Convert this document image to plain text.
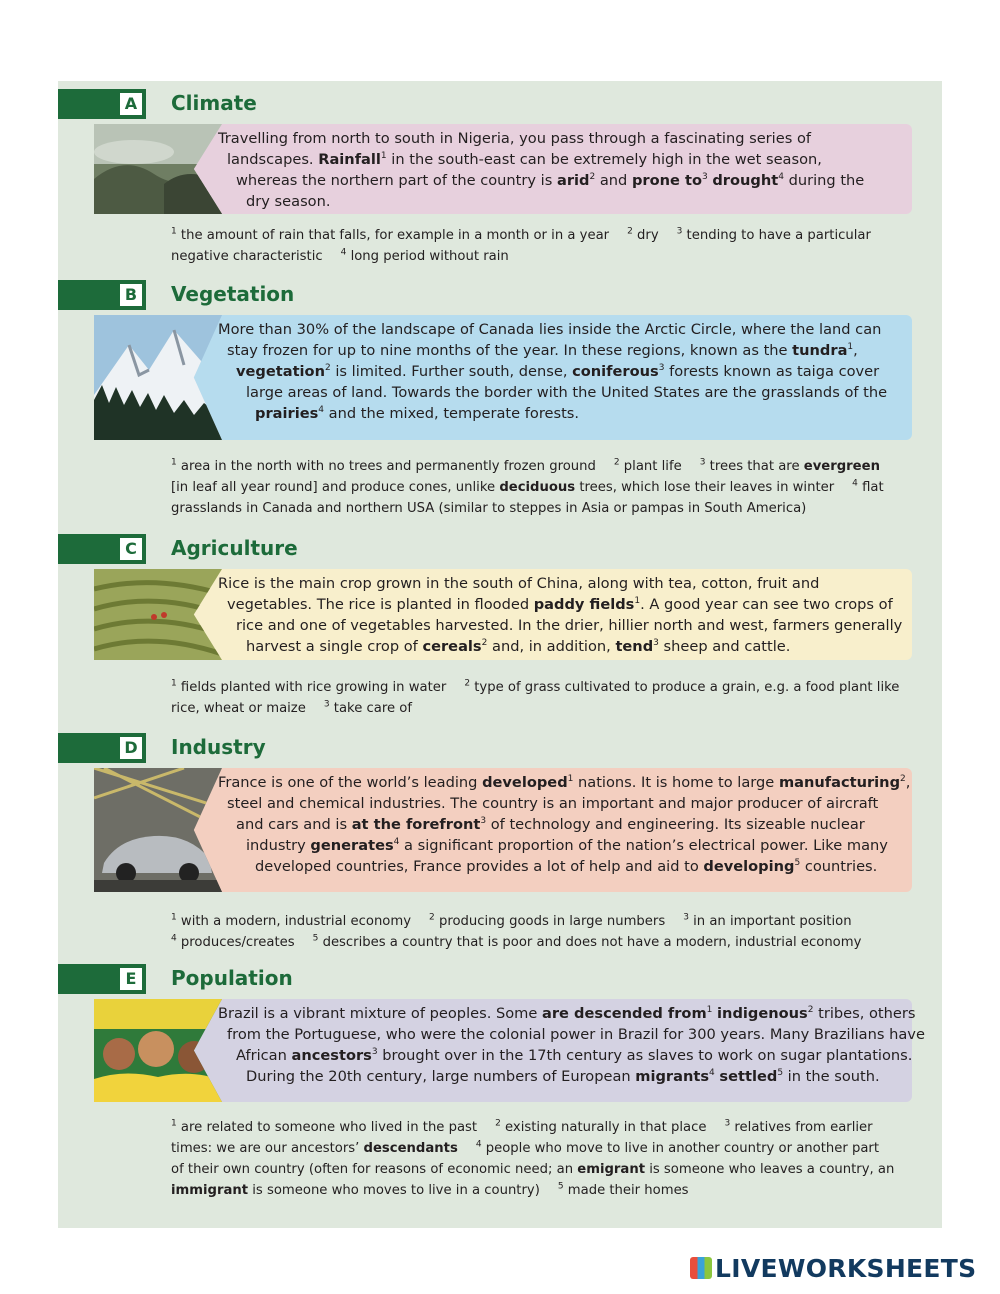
A Climate
Travelling from north to south in Nigeria, you pass through a fascinating series of
landscapes. Rainfall$^1$ in the south-east can be extremely high in the wet season,
whereas the northern part of the country is arid$^2$ and prone $to^3$ drought$^4$ during the
dry season.
$^1$ the amount of rain that falls, for example in a month or in a year $^2$ dry $^3$ tending to have a particular
negative characteristic $^4$ long period without rain
B Vegetation
More than 30% of the landscape of Canada lies inside the Arctic Circle, where the land can
stay frozen for up to nine months of the year. In these regions, known as the tundra$^1$,
vegetation$^2$ is limited. Further south, dense, coniferous$^3$ forests known as taiga cover
large areas of land. Towards the border with the United States are the grasslands of the
prairies$^4$ and the mixed, temperate forests.
$^1$ area in the north with no trees and permanently frozen ground $^2$ plant life $^3$ trees that are evergreen
[in leaf all year round] and produce cones, unlike deciduous trees, which lose their leaves in winter $^4$ flat
grasslands in Canada and northern USA (similar to steppes in Asia or pampas in South America)
C Agriculture
Rice is the main crop grown in the south of China, along with tea, cotton, fruit and
vegetables. The rice is planted in flooded paddy fields$^1$. A good year can see two crops of
rice and one of vegetables harvested. In the drier, hillier north and west, farmers generally
harvest a single crop of cereals$^2$ and, in addition, tend$^3$ sheep and cattle.
$^1$ fields planted with rice growing in water $^2$ type of grass cultivated to produce a grain, e.g. a food plant like
rice, wheat or maize $^3$ take care of
D Industry
France is one of the world’s leading developed$^1$ nations. It is home to large manufacturing$^2$,
steel and chemical industries. The country is an important and major producer of aircraft
and cars and is at the forefront$^3$ of technology and engineering. Its sizeable nuclear
industry generates$^4$ a significant proportion of the nation’s electrical power. Like many
developed countries, France provides a lot of help and aid to developing$^5$ countries.
$^1$ with a modern, industrial economy $^2$ producing goods in large numbers $^3$ in an important position
$^4$ produces/creates $^5$ describes a country that is poor and does not have a modern, industrial economy
E Population
Brazil is a vibrant mixture of peoples. Some are descended from$^1$ indigenous$^2$ tribes, others
from the Portuguese, who were the colonial power in Brazil for 300 years. Many Brazilians have
African ancestors$^3$ brought over in the 17th century as slaves to work on sugar plantations.
During the 20th century, large numbers of European migrants$^4$ settled$^5$ in the south.
$^1$ are related to someone who lived in the past $^2$ existing naturally in that place $^3$ relatives from earlier
times: we are our ancestors’ descendants $^4$ people who move to live in another country or another part
of their own country (often for reasons of economic need; an emigrant is someone who leaves a country, an
immigrant is someone who moves to live in a country) $^5$ made their homes
LIVEWORKSHEETS
